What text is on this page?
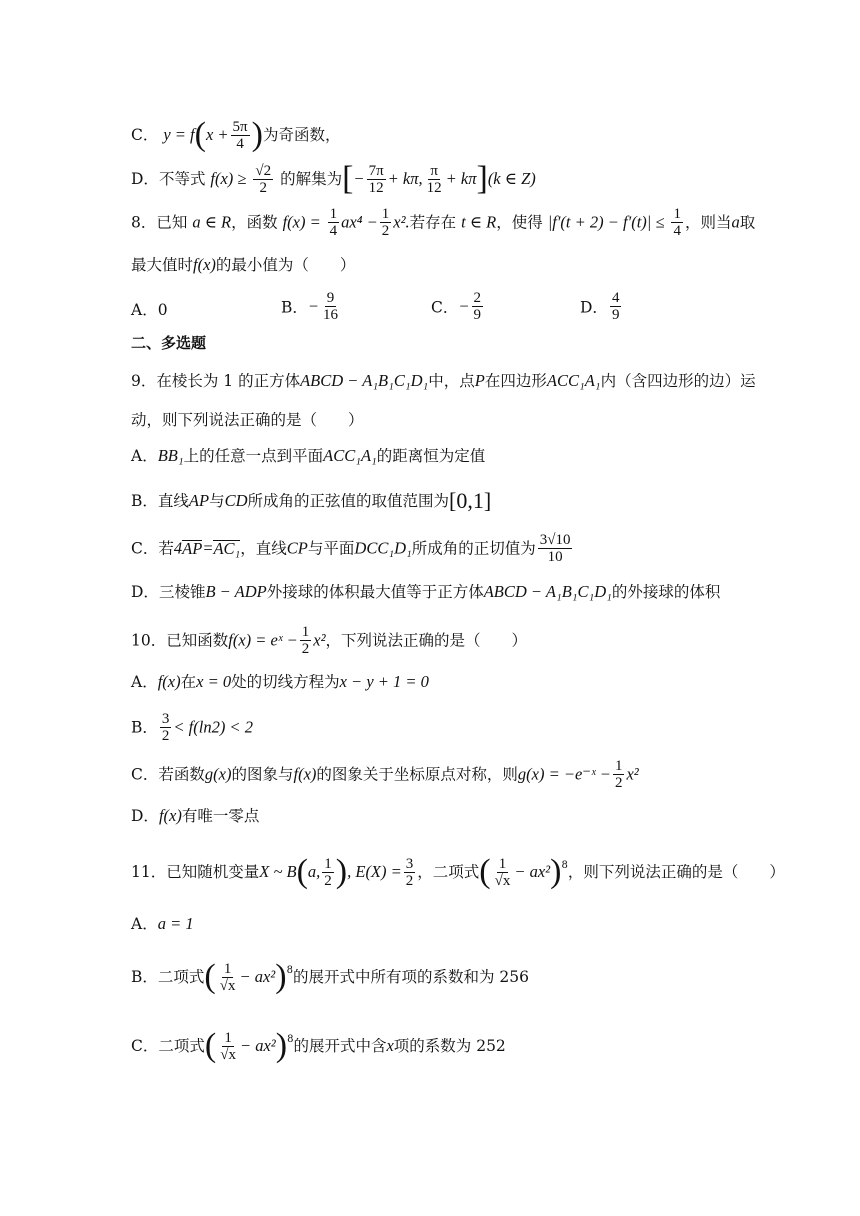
C． $y = f(x + \frac{5\pi}{4}$ )为奇函数，
D．不等式 $f(x) \ge \frac{√2}{2}$ 的解集为[− $\frac{7\pi}{12} + k\pi$, $\frac{\pi}{12} + k\pi](k$ ∈ Z)
8．已知 a ∈ R，函数 $f(x) = \frac{1}{4} ax^4 - \frac{1}{2} x^2$.若存在 t ∈ R，使得 $|f'(t + 2) - f'(t)| \le \frac{1}{4}$ ，则当a取
最大值时f(x)的最小值为（　　）
A．0	B．− $\frac{9}{16}$	C．− $\frac{2}{9}$	D． $\frac{4}{9}$
二、多选题
9．在棱长为 1 的正方体ABCD − A₁B₁C₁D₁中，点P在四边形ACC₁A₁内（含四边形的边）运
动，则下列说法正确的是（　　）
A．BB₁上的任意一点到平面ACC₁A₁的距离恒为定值
B．直线AP与CD所成角的正弦值的取值范围为[0,1]
C．若4AP=AC₁，直线CP与平面DCC₁D₁所成角的正切值为 $\frac{3√10}{10}$
D．三棱锥B − ADP外接球的体积最大值等于正方体ABCD − A₁B₁C₁D₁的外接球的体积
10．已知函数f(x) = eˣ − $\frac{1}{2} x^2$，下列说法正确的是（　　）
A．f(x)在x = 0处的切线方程为x − y + 1 = 0
B． $\frac{3}{2} < f(\ln 2) < 2$
C．若函数g(x)的图象与f(x)的图象关于坐标原点对称，则g(x) = −e⁻ˣ − $\frac{1}{2} x^2$
D．f(x)有唯一零点
11．已知随机变量X ~ B(a, $\frac{1}{2}$ ), $E(X) = \frac{3}{2}$ ，二项式( $\frac{1}{√x} - ax^2)^8$，则下列说法正确的是（　　）
A．a = 1
B．二项式( $\frac{1}{√x} - ax^2)^8$的展开式中所有项的系数和为 256
C．二项式( $\frac{1}{√x} - ax^2)^8$的展开式中含x项的系数为 252
